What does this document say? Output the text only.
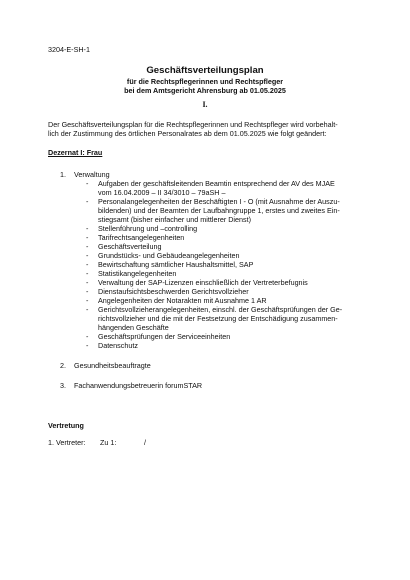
3204-E-SH-1
Geschäftsverteilungsplan
für die Rechtspflegerinnen und Rechtspfleger
bei dem Amtsgericht Ahrensburg ab 01.05.2025
I.
Der Geschäftsverteilungsplan für die Rechtspflegerinnen und Rechtspfleger wird vorbehalt-
lich der Zustimmung des örtlichen Personalrates ab dem 01.05.2025 wie folgt geändert:
Dezernat I: Frau
1.	Verwaltung
-	Aufgaben der geschäftsleitenden Beamtin entsprechend der AV des MJAE
vom 16.04.2009 – II 34/3010 – 79aSH –
-	Personalangelegenheiten der Beschäftigten I - O (mit Ausnahme der Auszu-
bildenden) und der Beamten der Laufbahngruppe 1, erstes und zweites Ein-
stiegsamt (bisher einfacher und mittlerer Dienst)
-	Stellenführung und –controlling
-	Tarifrechtsangelegenheiten
-	Geschäftsverteilung
-	Grundstücks- und Gebäudeangelegenheiten
-	Bewirtschaftung sämtlicher Haushaltsmittel, SAP
-	Statistikangelegenheiten
-	Verwaltung der SAP-Lizenzen einschließlich der Vertreterbefugnis
-	Dienstaufsichtsbeschwerden Gerichtsvollzieher
-	Angelegenheiten der Notarakten mit Ausnahme 1 AR
-	Gerichtsvollzieherangelegenheiten, einschl. der Geschäftsprüfungen der Ge-
richtsvollzieher und die mit der Festsetzung der Entschädigung zusammen-
hängenden Geschäfte
-	Geschäftsprüfungen der Serviceeinheiten
-	Datenschutz
2.	Gesundheitsbeauftragte
3.	Fachanwendungsbetreuerin forumSTAR
Vertretung
1. Vertreter: Zu 1:	/
